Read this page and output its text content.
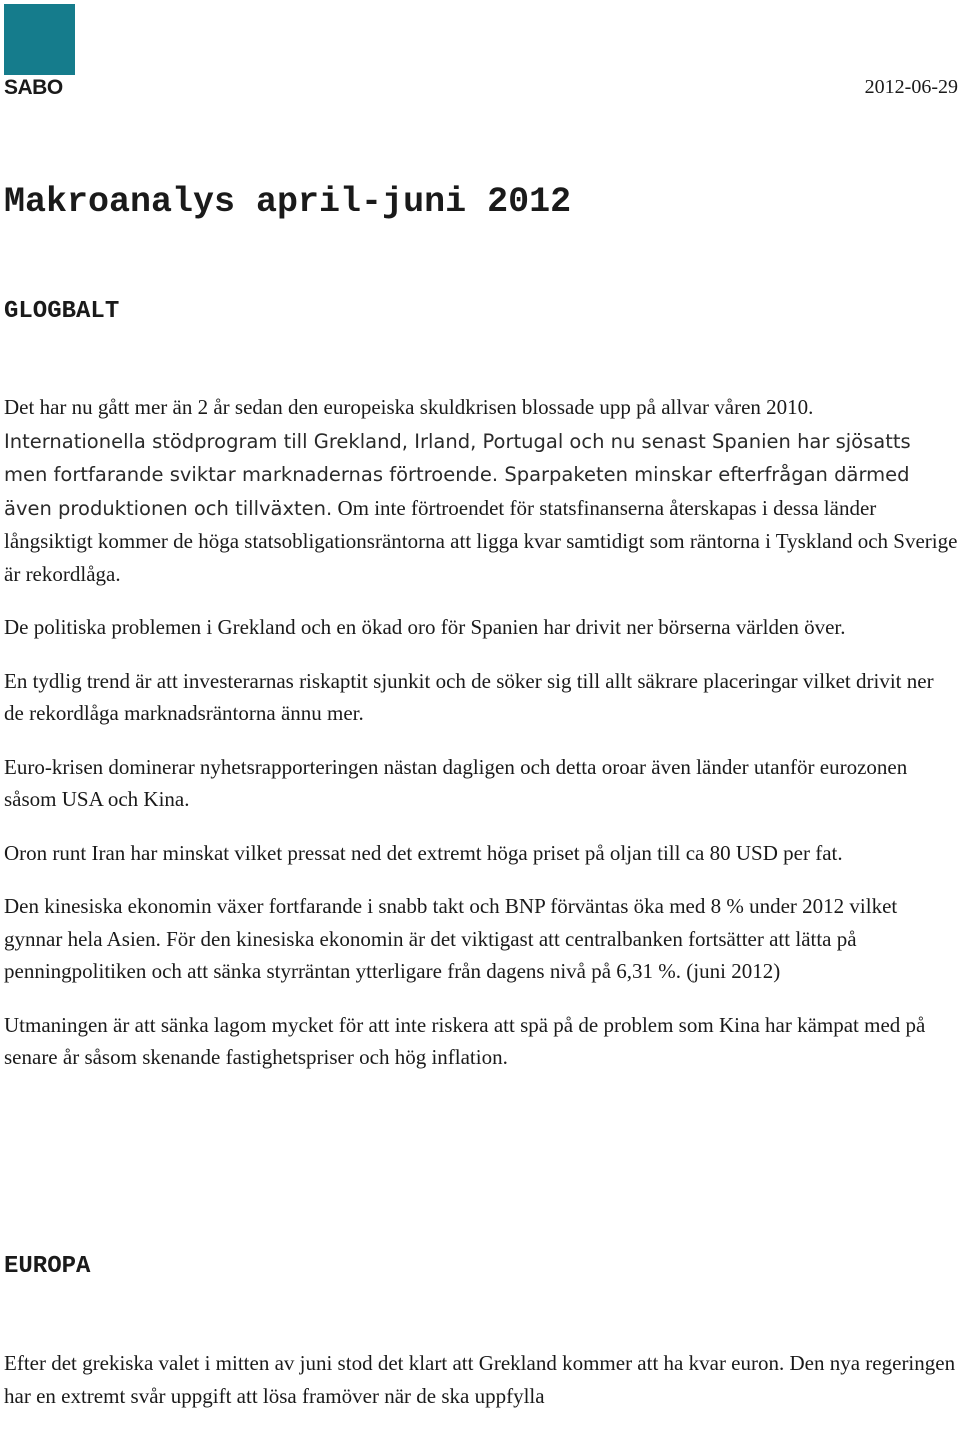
SABO	2012-06-29
Makroanalys april-juni 2012
GLOGBALT

Det har nu gått mer än 2 år sedan den europeiska skuldkrisen blossade upp på allvar våren 2010. Internationella stödprogram till Grekland, Irland, Portugal och nu senast Spanien har sjösatts men fortfarande sviktar marknadernas förtroende. Sparpaketen minskar efterfrågan därmed även produktionen och tillväxten. Om inte förtroendet för statsfinanserna återskapas i dessa länder långsiktigt kommer de höga statsobligationsräntorna att ligga kvar samtidigt som räntorna i Tyskland och Sverige är rekordlåga.

De politiska problemen i Grekland och en ökad oro för Spanien har drivit ner börserna världen över.

En tydlig trend är att investerarnas riskaptit sjunkit och de söker sig till allt säkrare placeringar vilket drivit ner de rekordlåga marknadsräntorna ännu mer.

Euro-krisen dominerar nyhetsrapporteringen nästan dagligen och detta oroar även länder utanför eurozonen såsom USA och Kina.

Oron runt Iran har minskat vilket pressat ned det extremt höga priset på oljan till ca 80 USD per fat.

Den kinesiska ekonomin växer fortfarande i snabb takt och BNP förväntas öka med 8 % under 2012 vilket gynnar hela Asien. För den kinesiska ekonomin är det viktigast att centralbanken fortsätter att lätta på penningpolitiken och att sänka styrräntan ytterligare från dagens nivå på 6,31 %. (juni 2012)

Utmaningen är att sänka lagom mycket för att inte riskera att spä på de problem som Kina har kämpat med på senare år såsom skenande fastighetspriser och hög inflation.

EUROPA

Efter det grekiska valet i mitten av juni stod det klart att Grekland kommer att ha kvar euron. Den nya regeringen har en extremt svår uppgift att lösa framöver när de ska uppfylla
